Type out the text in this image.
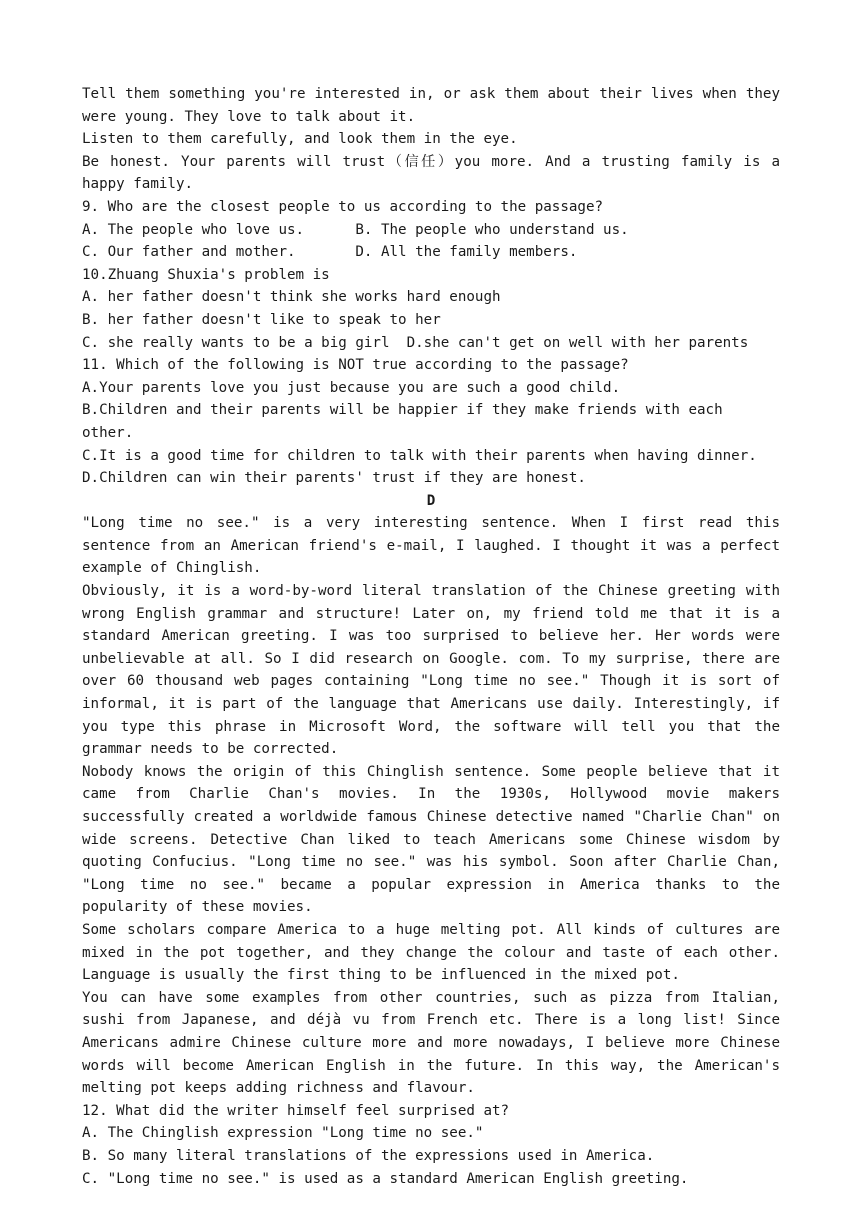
Tell them something you're interested in, or ask them about their lives when they were young. They love to talk about it.
Listen to them carefully, and look them in the eye.
Be honest. Your parents will trust（信任）you more. And a trusting family is a happy family.
9. Who are the closest people to us according to the passage?
A. The people who love us.      B. The people who understand us.
C. Our father and mother.       D. All the family members.
10.Zhuang Shuxia's problem is
A. her father doesn't think she works hard enough
B. her father doesn't like to speak to her
C. she really wants to be a big girl  D.she can't get on well with her parents
11. Which of the following is NOT true according to the passage?
A.Your parents love you just because you are such a good child.
B.Children and their parents will be happier if they make friends with each other.
C.It is a good time for children to talk with their parents when having dinner.
D.Children can win their parents' trust if they are honest.
D
"Long time no see." is a very interesting sentence. When I first read this sentence from an American friend's e-mail, I laughed. I thought it was a perfect example of Chinglish.
Obviously, it is a word-by-word literal translation of the Chinese greeting with wrong English grammar and structure! Later on, my friend told me that it is a standard American greeting. I was too surprised to believe her. Her words were unbelievable at all. So I did research on Google. com. To my surprise, there are over 60 thousand web pages containing "Long time no see." Though it is sort of informal, it is part of the language that Americans use daily. Interestingly, if you type this phrase in Microsoft Word, the software will tell you that the grammar needs to be corrected.
Nobody knows the origin of this Chinglish sentence. Some people believe that it came from Charlie Chan's movies. In the 1930s, Hollywood movie makers successfully created a worldwide famous Chinese detective named "Charlie Chan" on wide screens. Detective Chan liked to teach Americans some Chinese wisdom by quoting Confucius. "Long time no see." was his symbol. Soon after Charlie Chan, "Long time no see." became a popular expression in America thanks to the popularity of these movies.
Some scholars compare America to a huge melting pot. All kinds of cultures are mixed in the pot together, and they change the colour and taste of each other. Language is usually the first thing to be influenced in the mixed pot.
You can have some examples from other countries, such as pizza from Italian, sushi from Japanese, and déjà vu from French etc. There is a long list! Since Americans admire Chinese culture more and more nowadays, I believe more Chinese words will become American English in the future. In this way, the American's melting pot keeps adding richness and flavour.
12. What did the writer himself feel surprised at?
A. The Chinglish expression "Long time no see."
B. So many literal translations of the expressions used in America.
C. "Long time no see." is used as a standard American English greeting.
